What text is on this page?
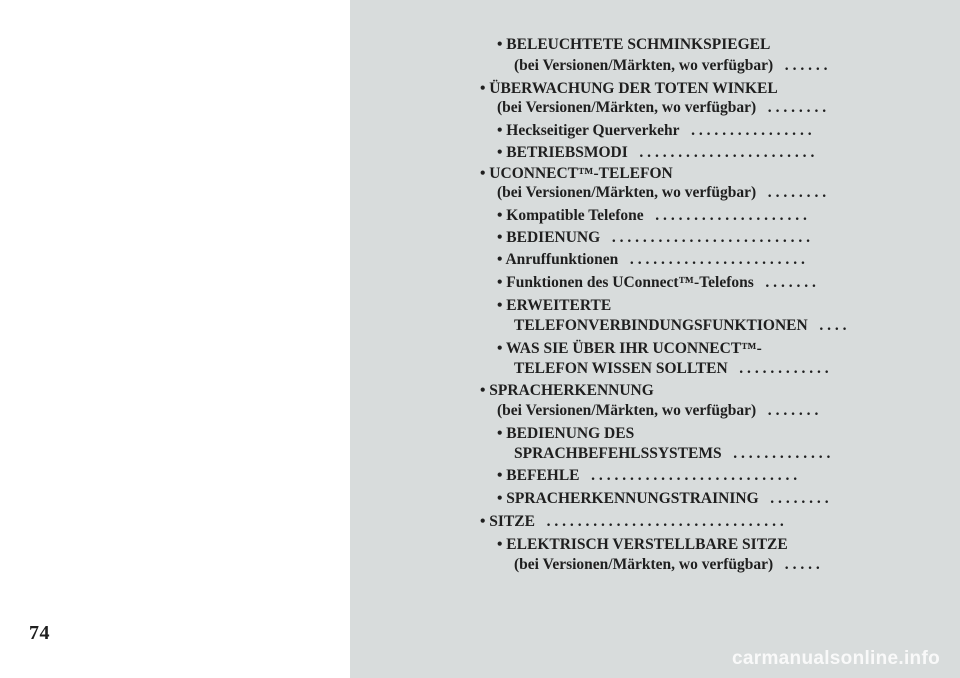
74
• BELEUCHTETE SCHMINKSPIEGEL
(bei Versionen/Märkten, wo verfügbar) ......
• ÜBERWACHUNG DER TOTEN WINKEL
(bei Versionen/Märkten, wo verfügbar) ........
• Heckseitiger Querverkehr ................
• BETRIEBSMODI .......................
• UCONNECT™-TELEFON
(bei Versionen/Märkten, wo verfügbar) ........
• Kompatible Telefone ....................
• BEDIENUNG ..........................
• Anruffunktionen .......................
• Funktionen des UConnect™-Telefons .......
• ERWEITERTE
TELEFONVERBINDUNGSFUNKTIONEN ....
• WAS SIE ÜBER IHR UCONNECT™-
TELEFON WISSEN SOLLTEN ............
• SPRACHERKENNUNG
(bei Versionen/Märkten, wo verfügbar) .......
• BEDIENUNG DES
SPRACHBEFEHLSSYSTEMS .............
• BEFEHLE ...........................
• SPRACHERKENNUNGSTRAINING ........
• SITZE ...............................
• ELEKTRISCH VERSTELLBARE SITZE
(bei Versionen/Märkten, wo verfügbar) .....
carmanualsonline.info
